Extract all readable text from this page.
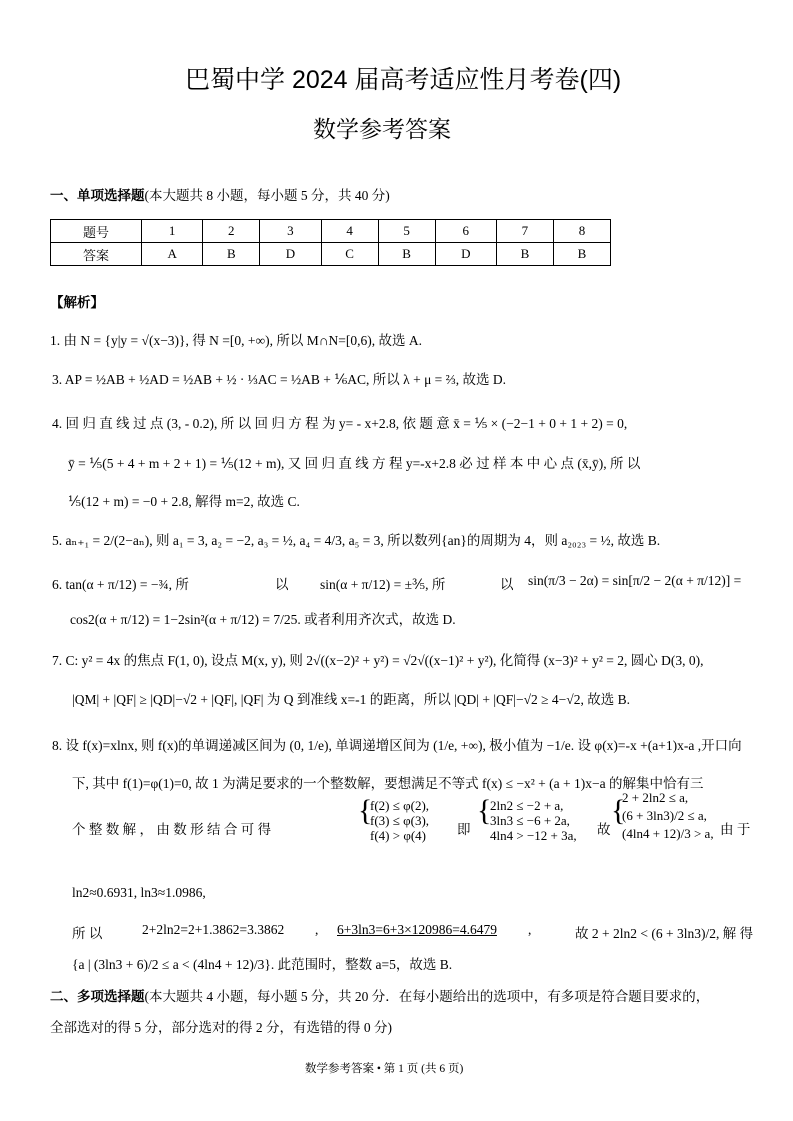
巴蜀中学 2024 届高考适应性月考卷(四)
数学参考答案
一、单项选择题(本大题共 8 小题，每小题 5 分，共 40 分)
题号	1	2	3	4	5	6	7	8
答案	A	B	D	C	B	D	B	B
【解析】
1. 由 N = {y|y = √(x−3)}, 得 N =[0, +∞), 所以 M∩N=[0,6), 故选 A.
3. AP = ½AB + ½AD = ½AB + ½ · ⅓AC = ½AB + ⅙AC, 所以 λ + μ = ⅔, 故选 D.
4. 回 归 直 线 过 点 (3, - 0.2), 所 以 回 归 方 程 为 y= - x+2.8, 依 题 意 x̄ = ⅕ × (−2−1 + 0 + 1 + 2) = 0,
ȳ = ⅕(5 + 4 + m + 2 + 1) = ⅕(12 + m), 又 回 归 直 线 方 程 y=-x+2.8 必 过 样 本 中 心 点 (x̄,ȳ), 所 以
⅕(12 + m) = −0 + 2.8, 解得 m=2, 故选 C.
5. aₙ₊₁ = 2/(2−aₙ), 则 a₁ = 3, a₂ = −2, a₃ = ½, a₄ = 4/3, a₅ = 3, 所以数列{an}的周期为 4，则 a₂₀₂₃ = ½, 故选 B.
6. tan(α + π/12) = −¾, 所	以 sin(α + π/12) = ±⅗, 所	以 sin(π/3 − 2α) = sin[π/2 − 2(α + π/12)] =
cos2(α + π/12) = 1−2sin²(α + π/12) = 7/25. 或者利用齐次式，故选 D.
7. C: y² = 4x 的焦点 F(1, 0), 设点 M(x, y), 则 2√((x−2)² + y²) = √2√((x−1)² + y²), 化简得 (x−3)² + y² = 2, 圆心 D(3, 0),
|QM| + |QF| ≥ |QD|−√2 + |QF|, |QF| 为 Q 到准线 x=-1 的距离，所以 |QD| + |QF|−√2 ≥ 4−√2, 故选 B.
8. 设 f(x)=xlnx, 则 f(x)的单调递减区间为 (0, 1/e), 单调递增区间为 (1/e, +∞), 极小值为 −1/e. 设 φ(x)=-x +(a+1)x-a ,开口向
下, 其中 f(1)=φ(1)=0, 故 1 为满足要求的一个整数解，要想满足不等式 f(x) ≤ −x² + (a + 1)x−a 的解集中恰有三
个 整 数 解 ， 由 数 形 结 合 可 得
{
f(2) ≤ φ(2),
f(3) ≤ φ(3),
f(4) > φ(4) 即
{
2ln2 ≤ −2 + a,
3ln3 ≤ −6 + 2a,
4ln4 > −12 + 3a, 故
{
2 + 2ln2 ≤ a,
(6 + 3ln3)/2 ≤ a,
(4ln4 + 12)/3 > a, 由 于
ln2≈0.6931, ln3≈1.0986,
所 以	2+2ln2=2+1.3862=3.3862 , 6+3ln3=6+3×120986=4.6479 ,	故 2 + 2ln2 < (6 + 3ln3)/2, 解 得
{a | (3ln3 + 6)/2 ≤ a < (4ln4 + 12)/3}. 此范围时，整数 a=5，故选 B.
二、多项选择题(本大题共 4 小题，每小题 5 分，共 20 分．在每小题给出的选项中，有多项是符合题目要求的，
全部选对的得 5 分，部分选对的得 2 分，有选错的得 0 分)
数学参考答案 • 第 1 页 (共 6 页)
